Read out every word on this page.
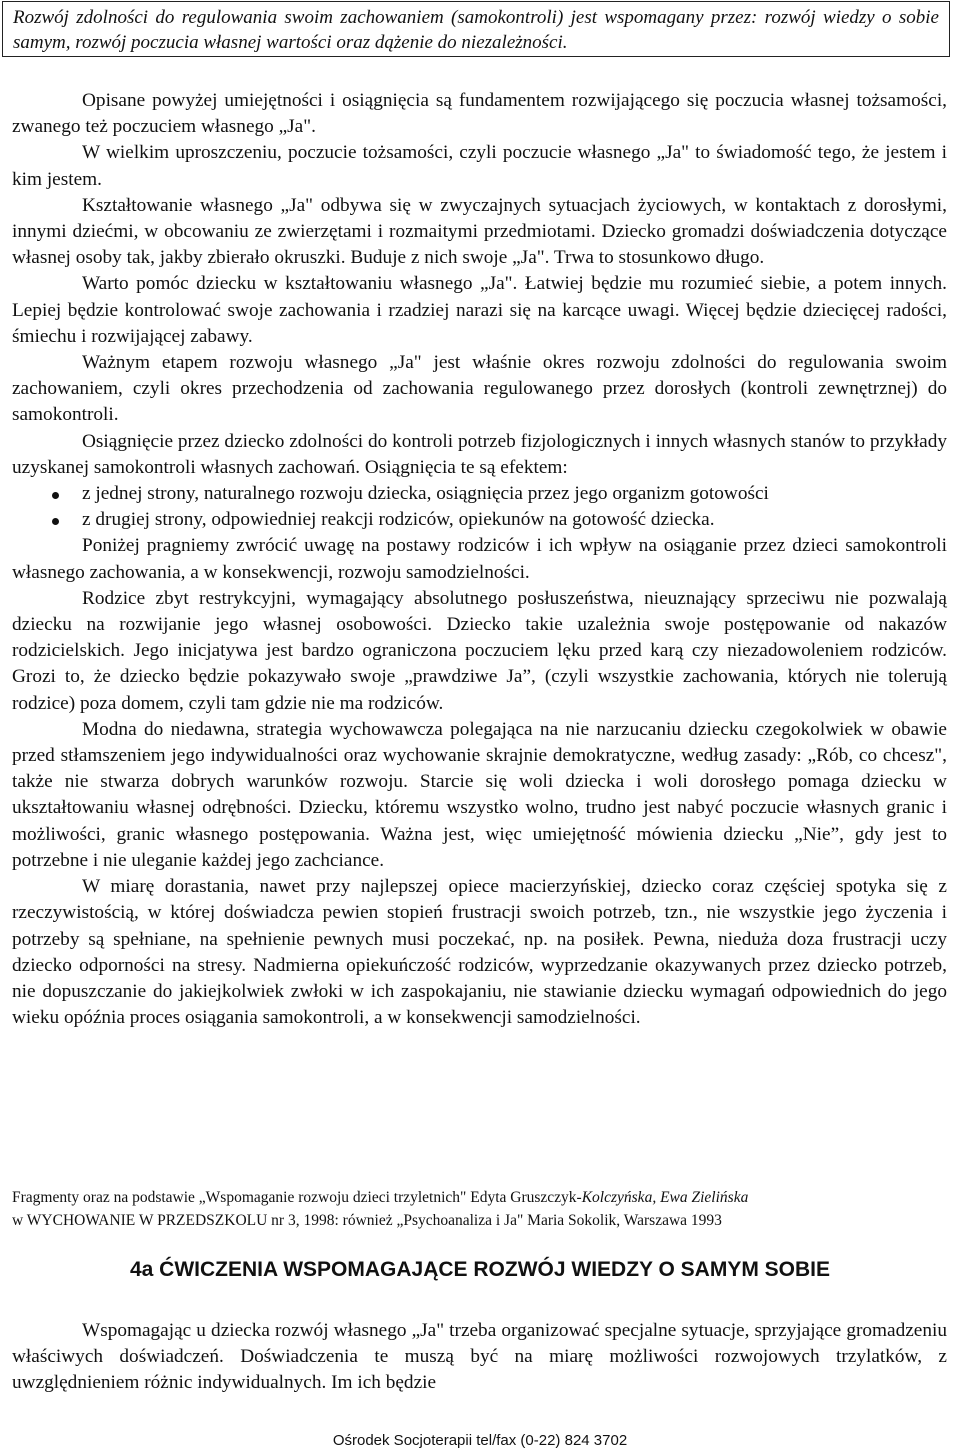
Rozwój zdolności do regulowania swoim zachowaniem (samokontroli) jest wspomagany przez: rozwój wiedzy o sobie samym, rozwój poczucia własnej wartości oraz dążenie do niezależności.

Opisane powyżej umiejętności i osiągnięcia są fundamentem rozwijającego się poczucia własnej tożsamości, zwanego też poczuciem własnego „Ja".

W wielkim uproszczeniu, poczucie tożsamości, czyli poczucie własnego „Ja" to świadomość tego, że jestem i kim jestem.

Kształtowanie własnego „Ja" odbywa się w zwyczajnych sytuacjach życiowych, w kontaktach z dorosłymi, innymi dziećmi, w obcowaniu ze zwierzętami i rozmaitymi przedmiotami. Dziecko gromadzi doświadczenia dotyczące własnej osoby tak, jakby zbierało okruszki. Buduje z nich swoje „Ja". Trwa to stosunkowo długo.

Warto pomóc dziecku w kształtowaniu własnego „Ja". Łatwiej będzie mu rozumieć siebie, a potem innych. Lepiej będzie kontrolować swoje zachowania i rzadziej narazi się na karcące uwagi. Więcej będzie dziecięcej radości, śmiechu i rozwijającej zabawy.

Ważnym etapem rozwoju własnego „Ja" jest właśnie okres rozwoju zdolności do regulowania swoim zachowaniem, czyli okres przechodzenia od zachowania regulowanego przez dorosłych (kontroli zewnętrznej) do samokontroli.

Osiągnięcie przez dziecko zdolności do kontroli potrzeb fizjologicznych i innych własnych stanów to przykłady uzyskanej samokontroli własnych zachowań. Osiągnięcia te są efektem:

z jednej strony, naturalnego rozwoju dziecka, osiągnięcia przez jego organizm gotowości
z drugiej strony, odpowiedniej reakcji rodziców, opiekunów na gotowość dziecka.

Poniżej pragniemy zwrócić uwagę na postawy rodziców i ich wpływ na osiąganie przez dzieci samokontroli własnego zachowania, a w konsekwencji, rozwoju samodzielności.

Rodzice zbyt restrykcyjni, wymagający absolutnego posłuszeństwa, nieuznający sprzeciwu nie pozwalają dziecku na rozwijanie jego własnej osobowości. Dziecko takie uzależnia swoje postępowanie od nakazów rodzicielskich. Jego inicjatywa jest bardzo ograniczona poczuciem lęku przed karą czy niezadowoleniem rodziców. Grozi to, że dziecko będzie pokazywało swoje „prawdziwe Ja”, (czyli wszystkie zachowania, których nie tolerują rodzice) poza domem, czyli tam gdzie nie ma rodziców.

Modna do niedawna, strategia wychowawcza polegająca na nie narzucaniu dziecku czegokolwiek w obawie przed stłamszeniem jego indywidualności oraz wychowanie skrajnie demokratyczne, według zasady: „Rób, co chcesz", także nie stwarza dobrych warunków rozwoju. Starcie się woli dziecka i woli dorosłego pomaga dziecku w ukształtowaniu własnej odrębności. Dziecku, któremu wszystko wolno, trudno jest nabyć poczucie własnych granic i możliwości, granic własnego postępowania. Ważna jest, więc umiejętność mówienia dziecku „Nie”, gdy jest to potrzebne i nie uleganie każdej jego zachciance.

W miarę dorastania, nawet przy najlepszej opiece macierzyńskiej, dziecko coraz częściej spotyka się z rzeczywistością, w której doświadcza pewien stopień frustracji swoich potrzeb, tzn., nie wszystkie jego życzenia i potrzeby są spełniane, na spełnienie pewnych musi poczekać, np. na posiłek. Pewna, nieduża doza frustracji uczy dziecko odporności na stresy. Nadmierna opiekuńczość rodziców, wyprzedzanie okazywanych przez dziecko potrzeb, nie dopuszczanie do jakiejkolwiek zwłoki w ich zaspokajaniu, nie stawianie dziecku wymagań odpowiednich do jego wieku opóźnia proces osiągania samokontroli, a w konsekwencji samodzielności.

Fragmenty oraz na podstawie „Wspomaganie rozwoju dzieci trzyletnich" Edyta Gruszczyk-Kolczyńska, Ewa Zielińska
w WYCHOWANIE W PRZEDSZKOLU nr 3, 1998: również „Psychoanaliza i Ja" Maria Sokolik, Warszawa 1993
4a ĆWICZENIA WSPOMAGAJĄCE ROZWÓJ WIEDZY O SAMYM SOBIE

Wspomagając u dziecka rozwój własnego „Ja" trzeba organizować specjalne sytuacje, sprzyjające gromadzeniu właściwych doświadczeń. Doświadczenia te muszą być na miarę możliwości rozwojowych trzylatków, z uwzględnieniem różnic indywidualnych. Im ich będzie

Ośrodek Socjoterapii tel/fax (0-22) 824 3702
